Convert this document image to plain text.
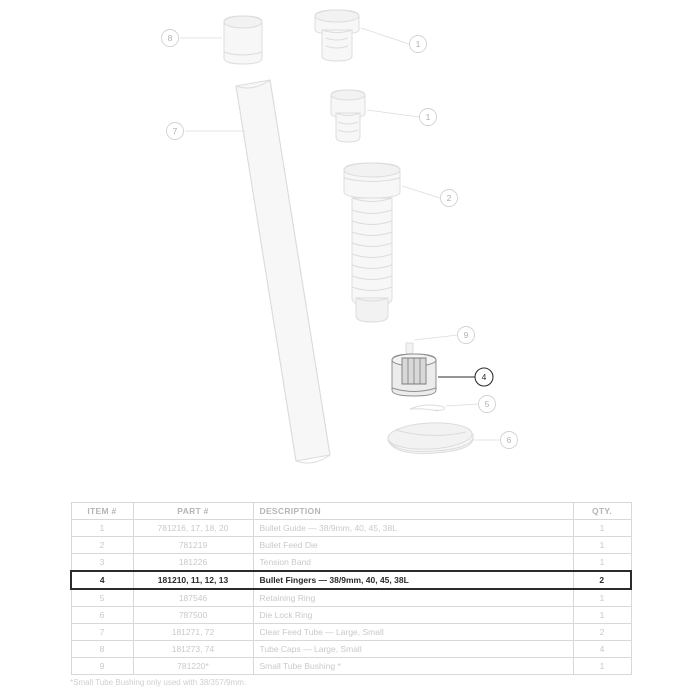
8
1
1
2
7
9
4
5
6
ITEM #	PART #	DESCRIPTION	QTY.
1	781216, 17, 18, 20	Bullet Guide — 38/9mm, 40, 45, 38L	1
2	781219	Bullet Feed Die	1
3	181226	Tension Band	1
4	181210, 11, 12, 13	Bullet Fingers — 38/9mm, 40, 45, 38L	2
5	187546	Retaining Ring	1
6	787500	Die Lock Ring	1
7	181271, 72	Clear Feed Tube — Large, Small	2
8	181273, 74	Tube Caps — Large, Small	4
9	781220*	Small Tube Bushing *	1
*Small Tube Bushing only used with 38/357/9mm.
